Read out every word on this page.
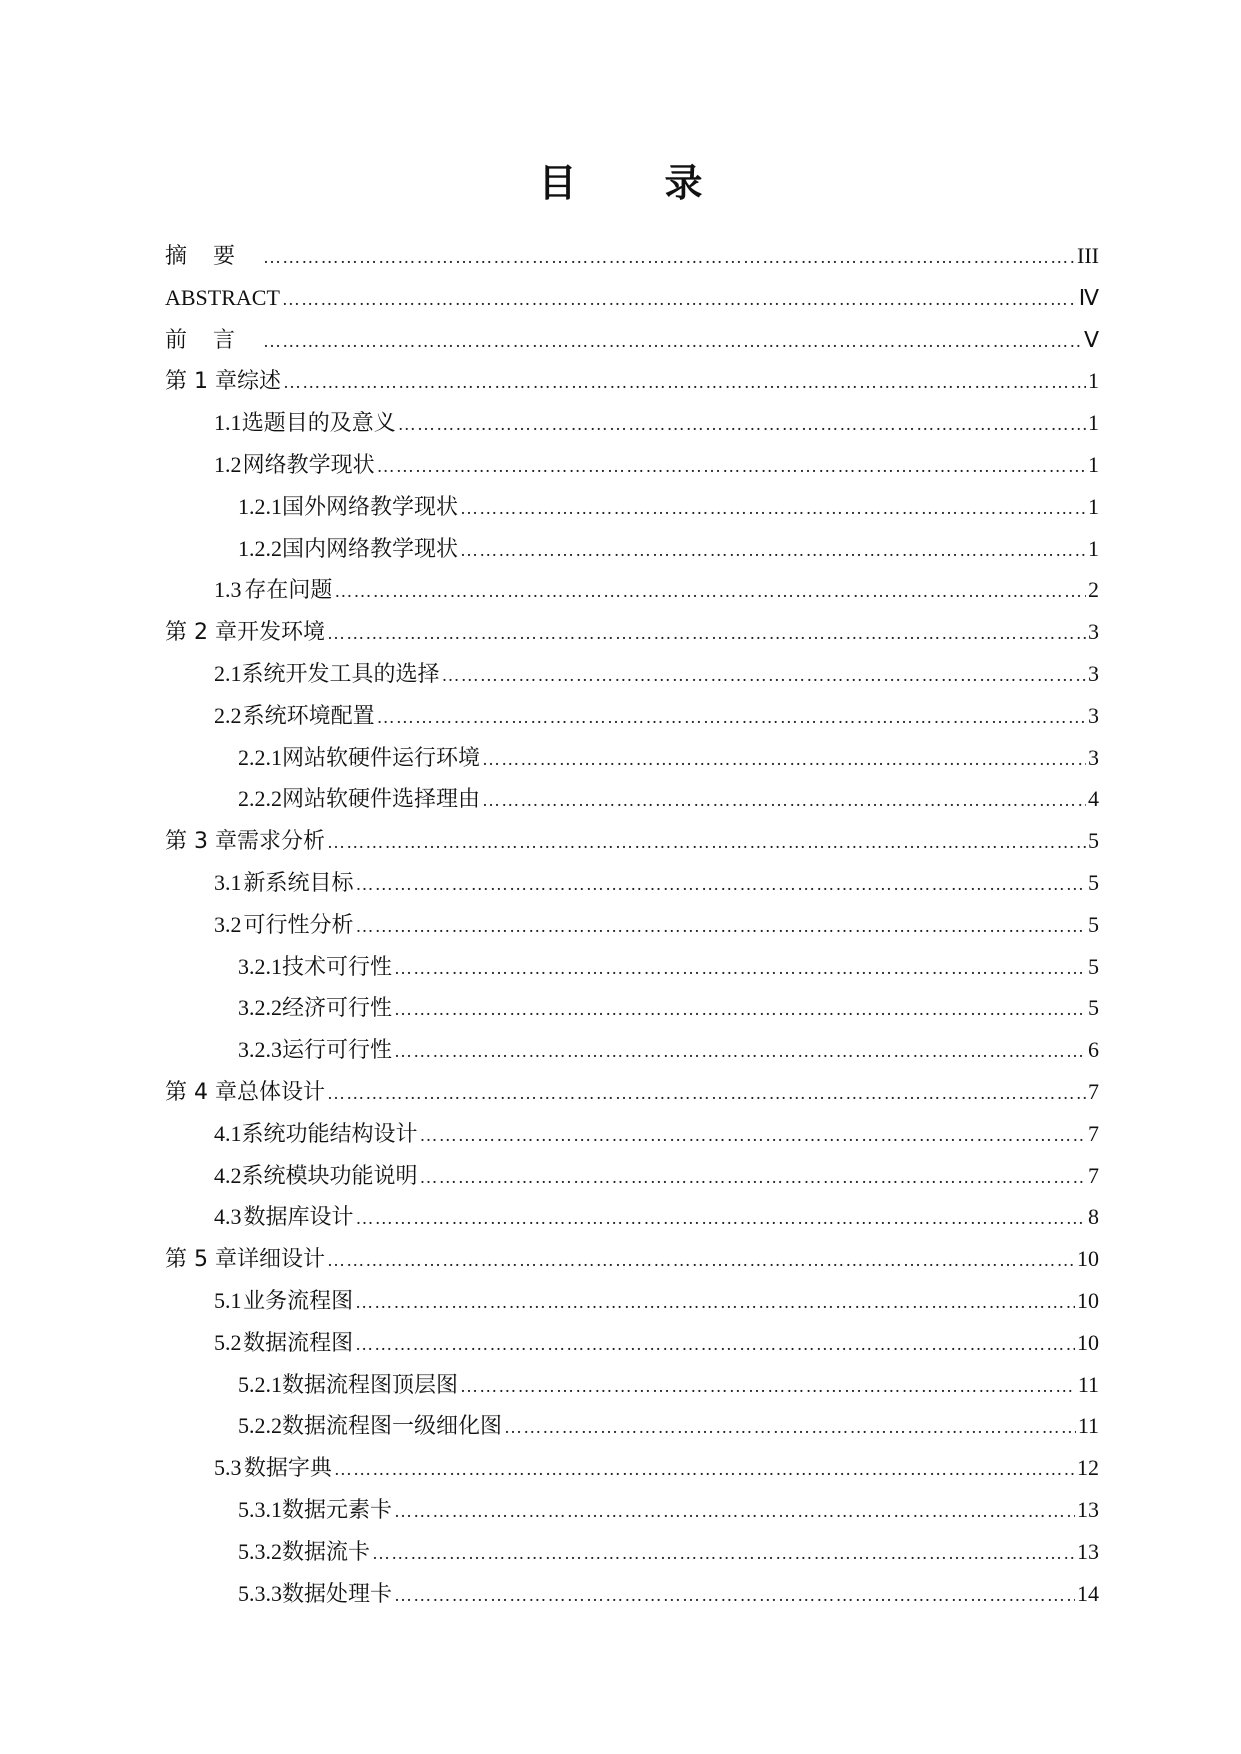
目 录
摘要 ……………………………………………………………………………………………………………………………………………………………………………………………………………………	III
ABSTRACT ……………………………………………………………………………………………………………………………………………………………………………………………………………………	Ⅳ
前言 ……………………………………………………………………………………………………………………………………………………………………………………………………………………	Ⅴ
第 1 章 综述 ……………………………………………………………………………………………………………………………………………………………………………………………………………………	1
1.1 选题目的及意义 ……………………………………………………………………………………………………………………………………………………………………………………………………………………	1
1.2 网络教学现状 ……………………………………………………………………………………………………………………………………………………………………………………………………………………	1
1.2.1 国外网络教学现状 ……………………………………………………………………………………………………………………………………………………………………………………………………………………	1
1.2.2 国内网络教学现状 ……………………………………………………………………………………………………………………………………………………………………………………………………………………	1
1.3 存在问题 ……………………………………………………………………………………………………………………………………………………………………………………………………………………	2
第 2 章 开发环境 ……………………………………………………………………………………………………………………………………………………………………………………………………………………	3
2.1 系统开发工具的选择 ……………………………………………………………………………………………………………………………………………………………………………………………………………………	3
2.2 系统环境配置 ……………………………………………………………………………………………………………………………………………………………………………………………………………………	3
2.2.1 网站软硬件运行环境 ……………………………………………………………………………………………………………………………………………………………………………………………………………………	3
2.2.2 网站软硬件选择理由 ……………………………………………………………………………………………………………………………………………………………………………………………………………………	4
第 3 章 需求分析 ……………………………………………………………………………………………………………………………………………………………………………………………………………………	5
3.1 新系统目标 ……………………………………………………………………………………………………………………………………………………………………………………………………………………	5
3.2 可行性分析 ……………………………………………………………………………………………………………………………………………………………………………………………………………………	5
3.2.1 技术可行性 ……………………………………………………………………………………………………………………………………………………………………………………………………………………	5
3.2.2 经济可行性 ……………………………………………………………………………………………………………………………………………………………………………………………………………………	5
3.2.3 运行可行性 ……………………………………………………………………………………………………………………………………………………………………………………………………………………	6
第 4 章 总体设计 ……………………………………………………………………………………………………………………………………………………………………………………………………………………	7
4.1 系统功能结构设计 ……………………………………………………………………………………………………………………………………………………………………………………………………………………	7
4.2 系统模块功能说明 ……………………………………………………………………………………………………………………………………………………………………………………………………………………	7
4.3 数据库设计 ……………………………………………………………………………………………………………………………………………………………………………………………………………………	8
第 5 章 详细设计 ……………………………………………………………………………………………………………………………………………………………………………………………………………………	10
5.1 业务流程图 ……………………………………………………………………………………………………………………………………………………………………………………………………………………	10
5.2 数据流程图 ……………………………………………………………………………………………………………………………………………………………………………………………………………………	10
5.2.1 数据流程图顶层图 ……………………………………………………………………………………………………………………………………………………………………………………………………………………	11
5.2.2 数据流程图一级细化图 ……………………………………………………………………………………………………………………………………………………………………………………………………………………	11
5.3 数据字典 ……………………………………………………………………………………………………………………………………………………………………………………………………………………	12
5.3.1 数据元素卡 ……………………………………………………………………………………………………………………………………………………………………………………………………………………	13
5.3.2 数据流卡 ……………………………………………………………………………………………………………………………………………………………………………………………………………………	13
5.3.3 数据处理卡 ……………………………………………………………………………………………………………………………………………………………………………………………………………………	14
